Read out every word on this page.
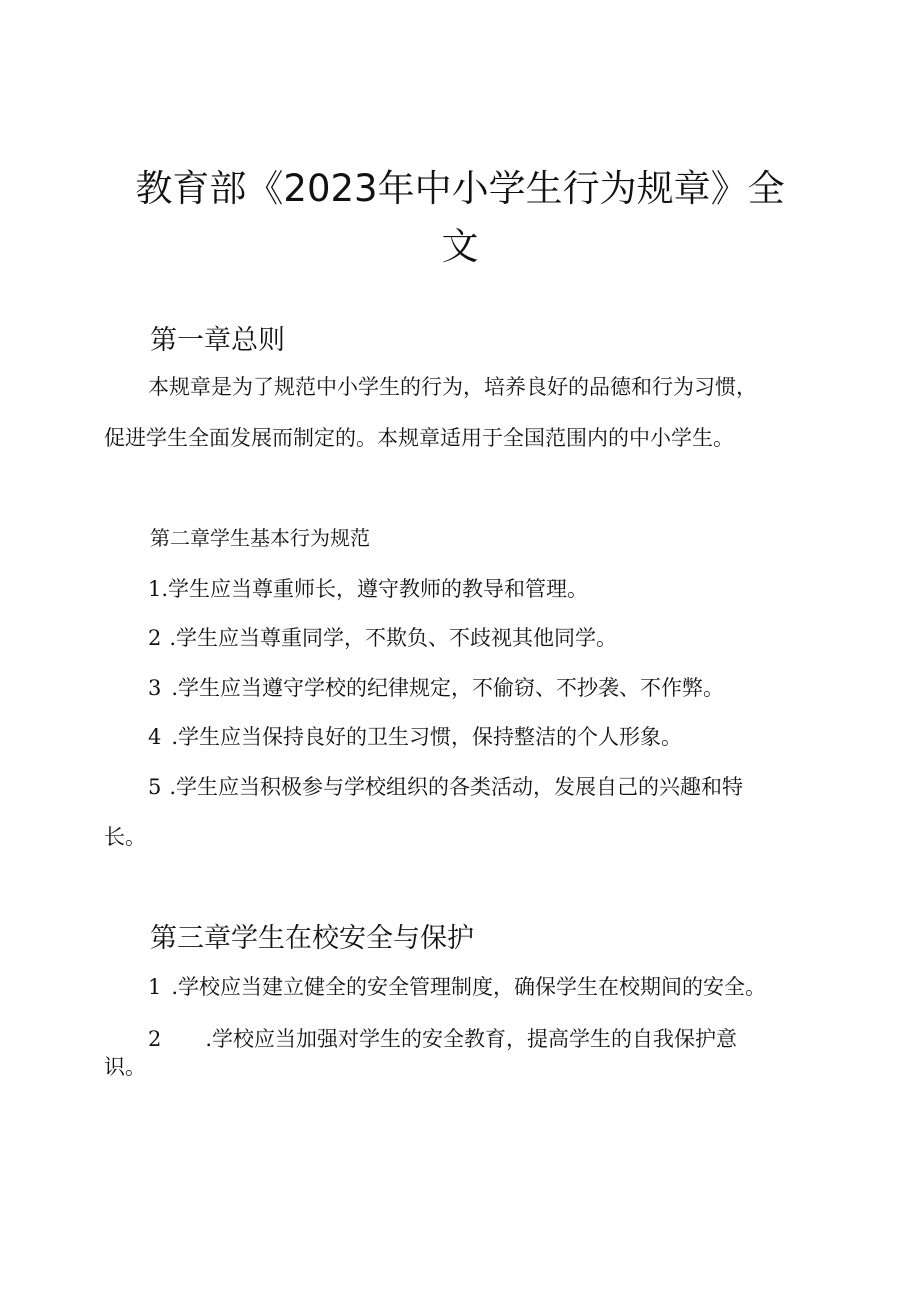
教育部《2023年中小学生行为规章》全
文
第一章总则

本规章是为了规范中小学生的行为，培养良好的品德和行为习惯，

促进学生全面发展而制定的。本规章适用于全国范围内的中小学生。

第二章学生基本行为规范

1.学生应当尊重师长，遵守教师的教导和管理。

2 .学生应当尊重同学，不欺负、不歧视其他同学。

3 .学生应当遵守学校的纪律规定，不偷窃、不抄袭、不作弊。

4 .学生应当保持良好的卫生习惯，保持整洁的个人形象。

5 .学生应当积极参与学校组织的各类活动，发展自己的兴趣和特

长。

第三章学生在校安全与保护

1 .学校应当建立健全的安全管理制度，确保学生在校期间的安全。

2 .学校应当加强对学生的安全教育，提高学生的自我保护意

识。
